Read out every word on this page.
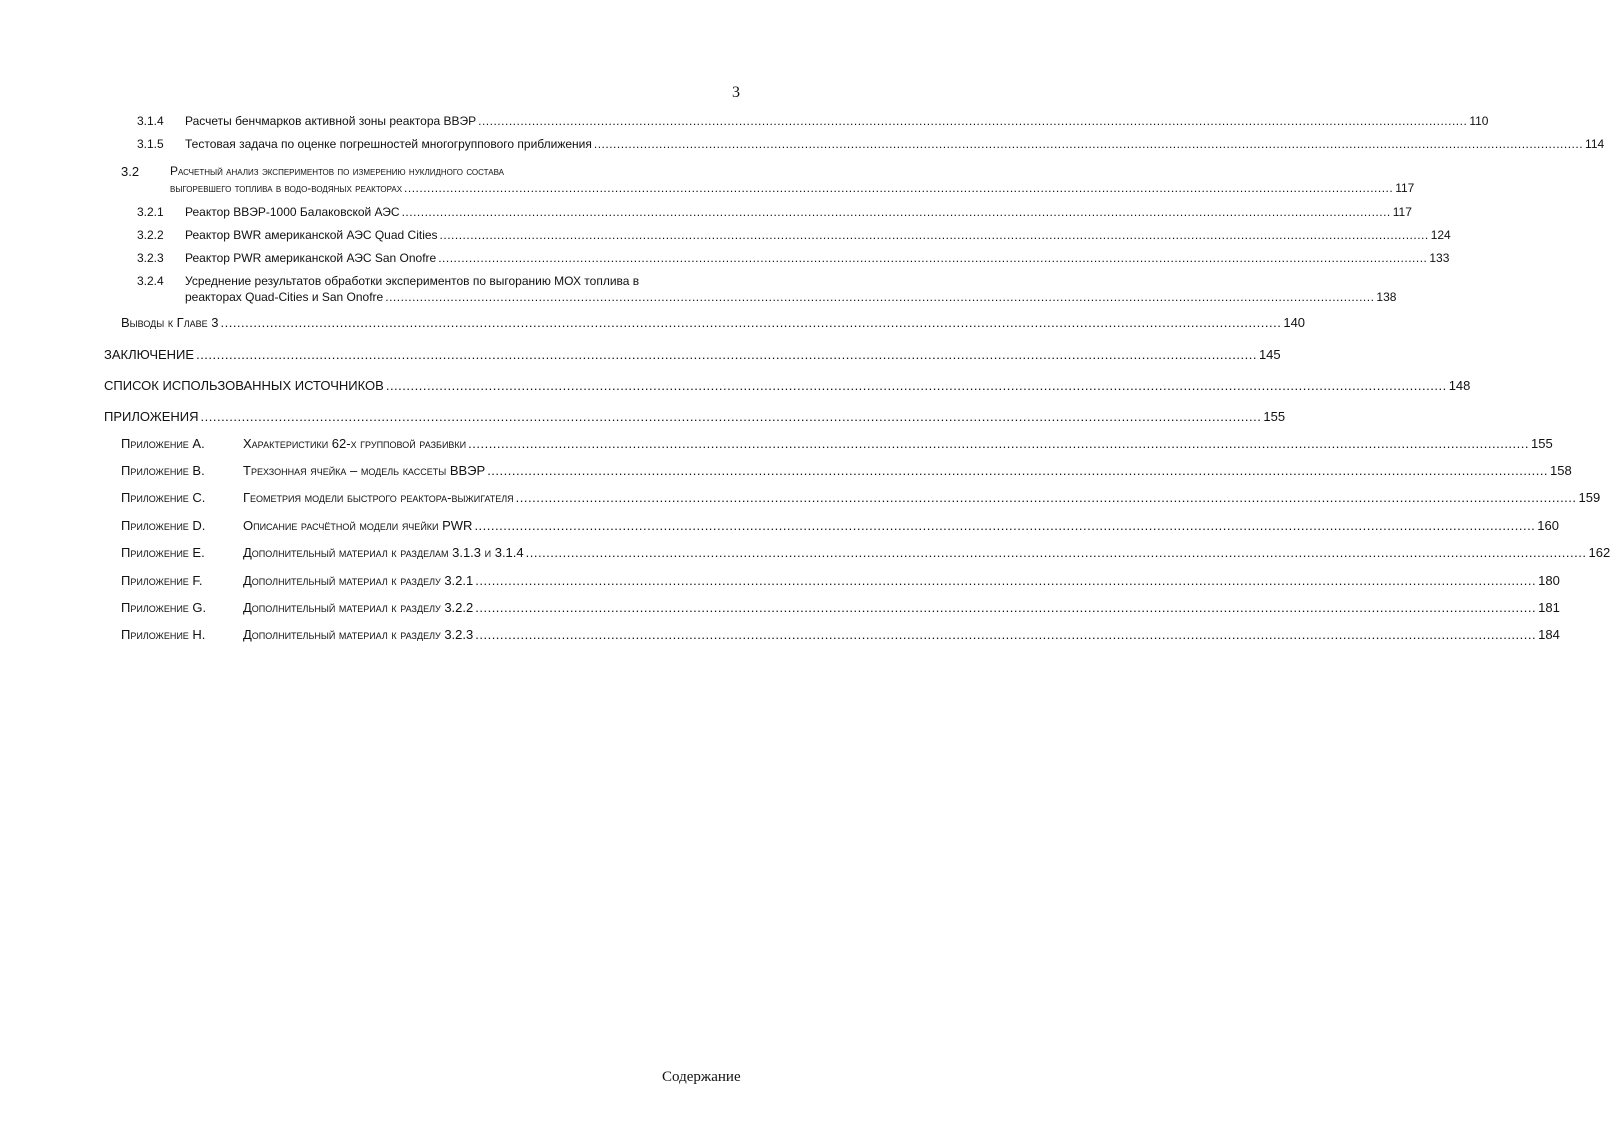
3
3.1.4	Расчеты бенчмарков активной зоны реактора ВВЭР .....	110
3.1.5	Тестовая задача по оценке погрешностей многогруппового приближения .....	114
3.2	Расчетный анализ экспериментов по измерению нуклидного состава
выгоревшего топлива в водо-водяных реакторах .....	117
3.2.1	Реактор ВВЭР-1000 Балаковской АЭС .....	117
3.2.2	Реактор BWR американской АЭС Quad Cities .....	124
3.2.3	Реактор PWR американской АЭС San Onofre .....	133
3.2.4 Усреднение результатов обработки экспериментов по выгоранию МОХ топлива в
реакторах Quad-Cities и San Onofre .....	138
Выводы к Главе 3 .....	140
ЗАКЛЮЧЕНИЕ .....	145
СПИСОК ИСПОЛЬЗОВАННЫХ ИСТОЧНИКОВ .....	148
ПРИЛОЖЕНИЯ .....	155
Приложение A.	Характеристики 62-х групповой разбивки .....	155
Приложение B.	Трехзонная ячейка – модель кассеты ВВЭР .....	158
Приложение C.	Геометрия модели быстрого реактора-выжигателя .....	159
Приложение D.	Описание расчётной модели ячейки PWR .....	160
Приложение E.	Дополнительный материал к разделам 3.1.3 и 3.1.4 .....	162
Приложение F.	Дополнительный материал к разделу 3.2.1 .....	180
Приложение G.	Дополнительный материал к разделу 3.2.2 .....	181
Приложение H.	Дополнительный материал к разделу 3.2.3 .....	184
Содержание
